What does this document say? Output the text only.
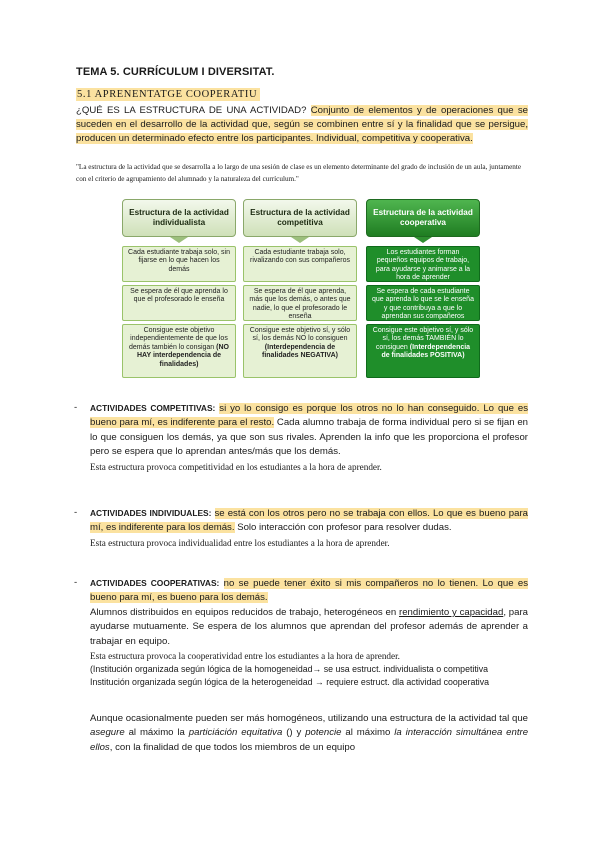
TEMA 5. CURRÍCULUM I DIVERSITAT.
5.1 APRENENTATGE COOPERATIU
¿QUÉ ES LA ESTRUCTURA DE UNA ACTIVIDAD? Conjunto de elementos y de operaciones que se suceden en el desarrollo de la actividad que, según se combinen entre sí y la finalidad que se persigue, producen un determinado efecto entre los participantes. Individual, competitiva y cooperativa.
"La estructura de la actividad que se desarrolla a lo largo de una sesión de clase es un elemento determinante del grado de inclusión de un aula, juntamente con el criterio de agrupamiento del alumnado y la naturaleza del currículum."
Estructura de la actividad individualista
Cada estudiante trabaja solo, sin fijarse en lo que hacen los demás
Se espera de él que aprenda lo que el profesorado le enseña
Consigue este objetivo independientemente de que los demás también lo consigan (NO HAY interdependencia de finalidades)
Estructura de la actividad competitiva
Cada estudiante trabaja solo, rivalizando con sus compañeros
Se espera de él que aprenda, más que los demás, o antes que nadie, lo que el profesorado le enseña
Consigue este objetivo sí, y sólo sí, los demás NO lo consiguen (Interdependencia de finalidades NEGATIVA)
Estructura de la actividad cooperativa
Los estudiantes forman pequeños equipos de trabajo, para ayudarse y animarse a la hora de aprender
Se espera de cada estudiante que aprenda lo que se le enseña y que contribuya a que lo aprendan sus compañeros
Consigue este objetivo sí, y sólo sí, los demás TAMBIÉN lo consiguen (Interdependencia de finalidades POSITIVA)
- ACTIVIDADES COMPETITIVAS: si yo lo consigo es porque los otros no lo han conseguido. Lo que es bueno para mí, es indiferente para el resto. Cada alumno trabaja de forma individual pero si se fijan en lo que consiguen los demás, ya que son sus rivales. Aprenden la info que les proporciona el profesor pero se espera que lo aprendan antes/más que los demás.
Esta estructura provoca competitividad en los estudiantes a la hora de aprender.
- ACTIVIDADES INDIVIDUALES: se está con los otros pero no se trabaja con ellos. Lo que es bueno para mí, es indiferente para los demás. Solo interacción con profesor para resolver dudas.
Esta estructura provoca individualidad entre los estudiantes a la hora de aprender.
- ACTIVIDADES COOPERATIVAS: no se puede tener éxito si mis compañeros no lo tienen. Lo que es bueno para mí, es bueno para los demás.
Alumnos distribuidos en equipos reducidos de trabajo, heterogéneos en rendimiento y capacidad, para ayudarse mutuamente. Se espera de los alumnos que aprendan del profesor además de aprender a trabajar en equipo.
Esta estructura provoca la cooperatividad entre los estudiantes a la hora de aprender.
(Institución organizada según lógica de la homogeneidad→ se usa estruct. individualista o competitiva
Institución organizada según lógica de la heterogeneidad → requiere estruct. dla actividad cooperativa
Aunque ocasionalmente pueden ser más homogéneos, utilizando una estructura de la actividad tal que asegure al máximo la particiáción equitativa () y potencie al máximo la interacción simultánea entre ellos, con la finalidad de que todos los miembros de un equipo
